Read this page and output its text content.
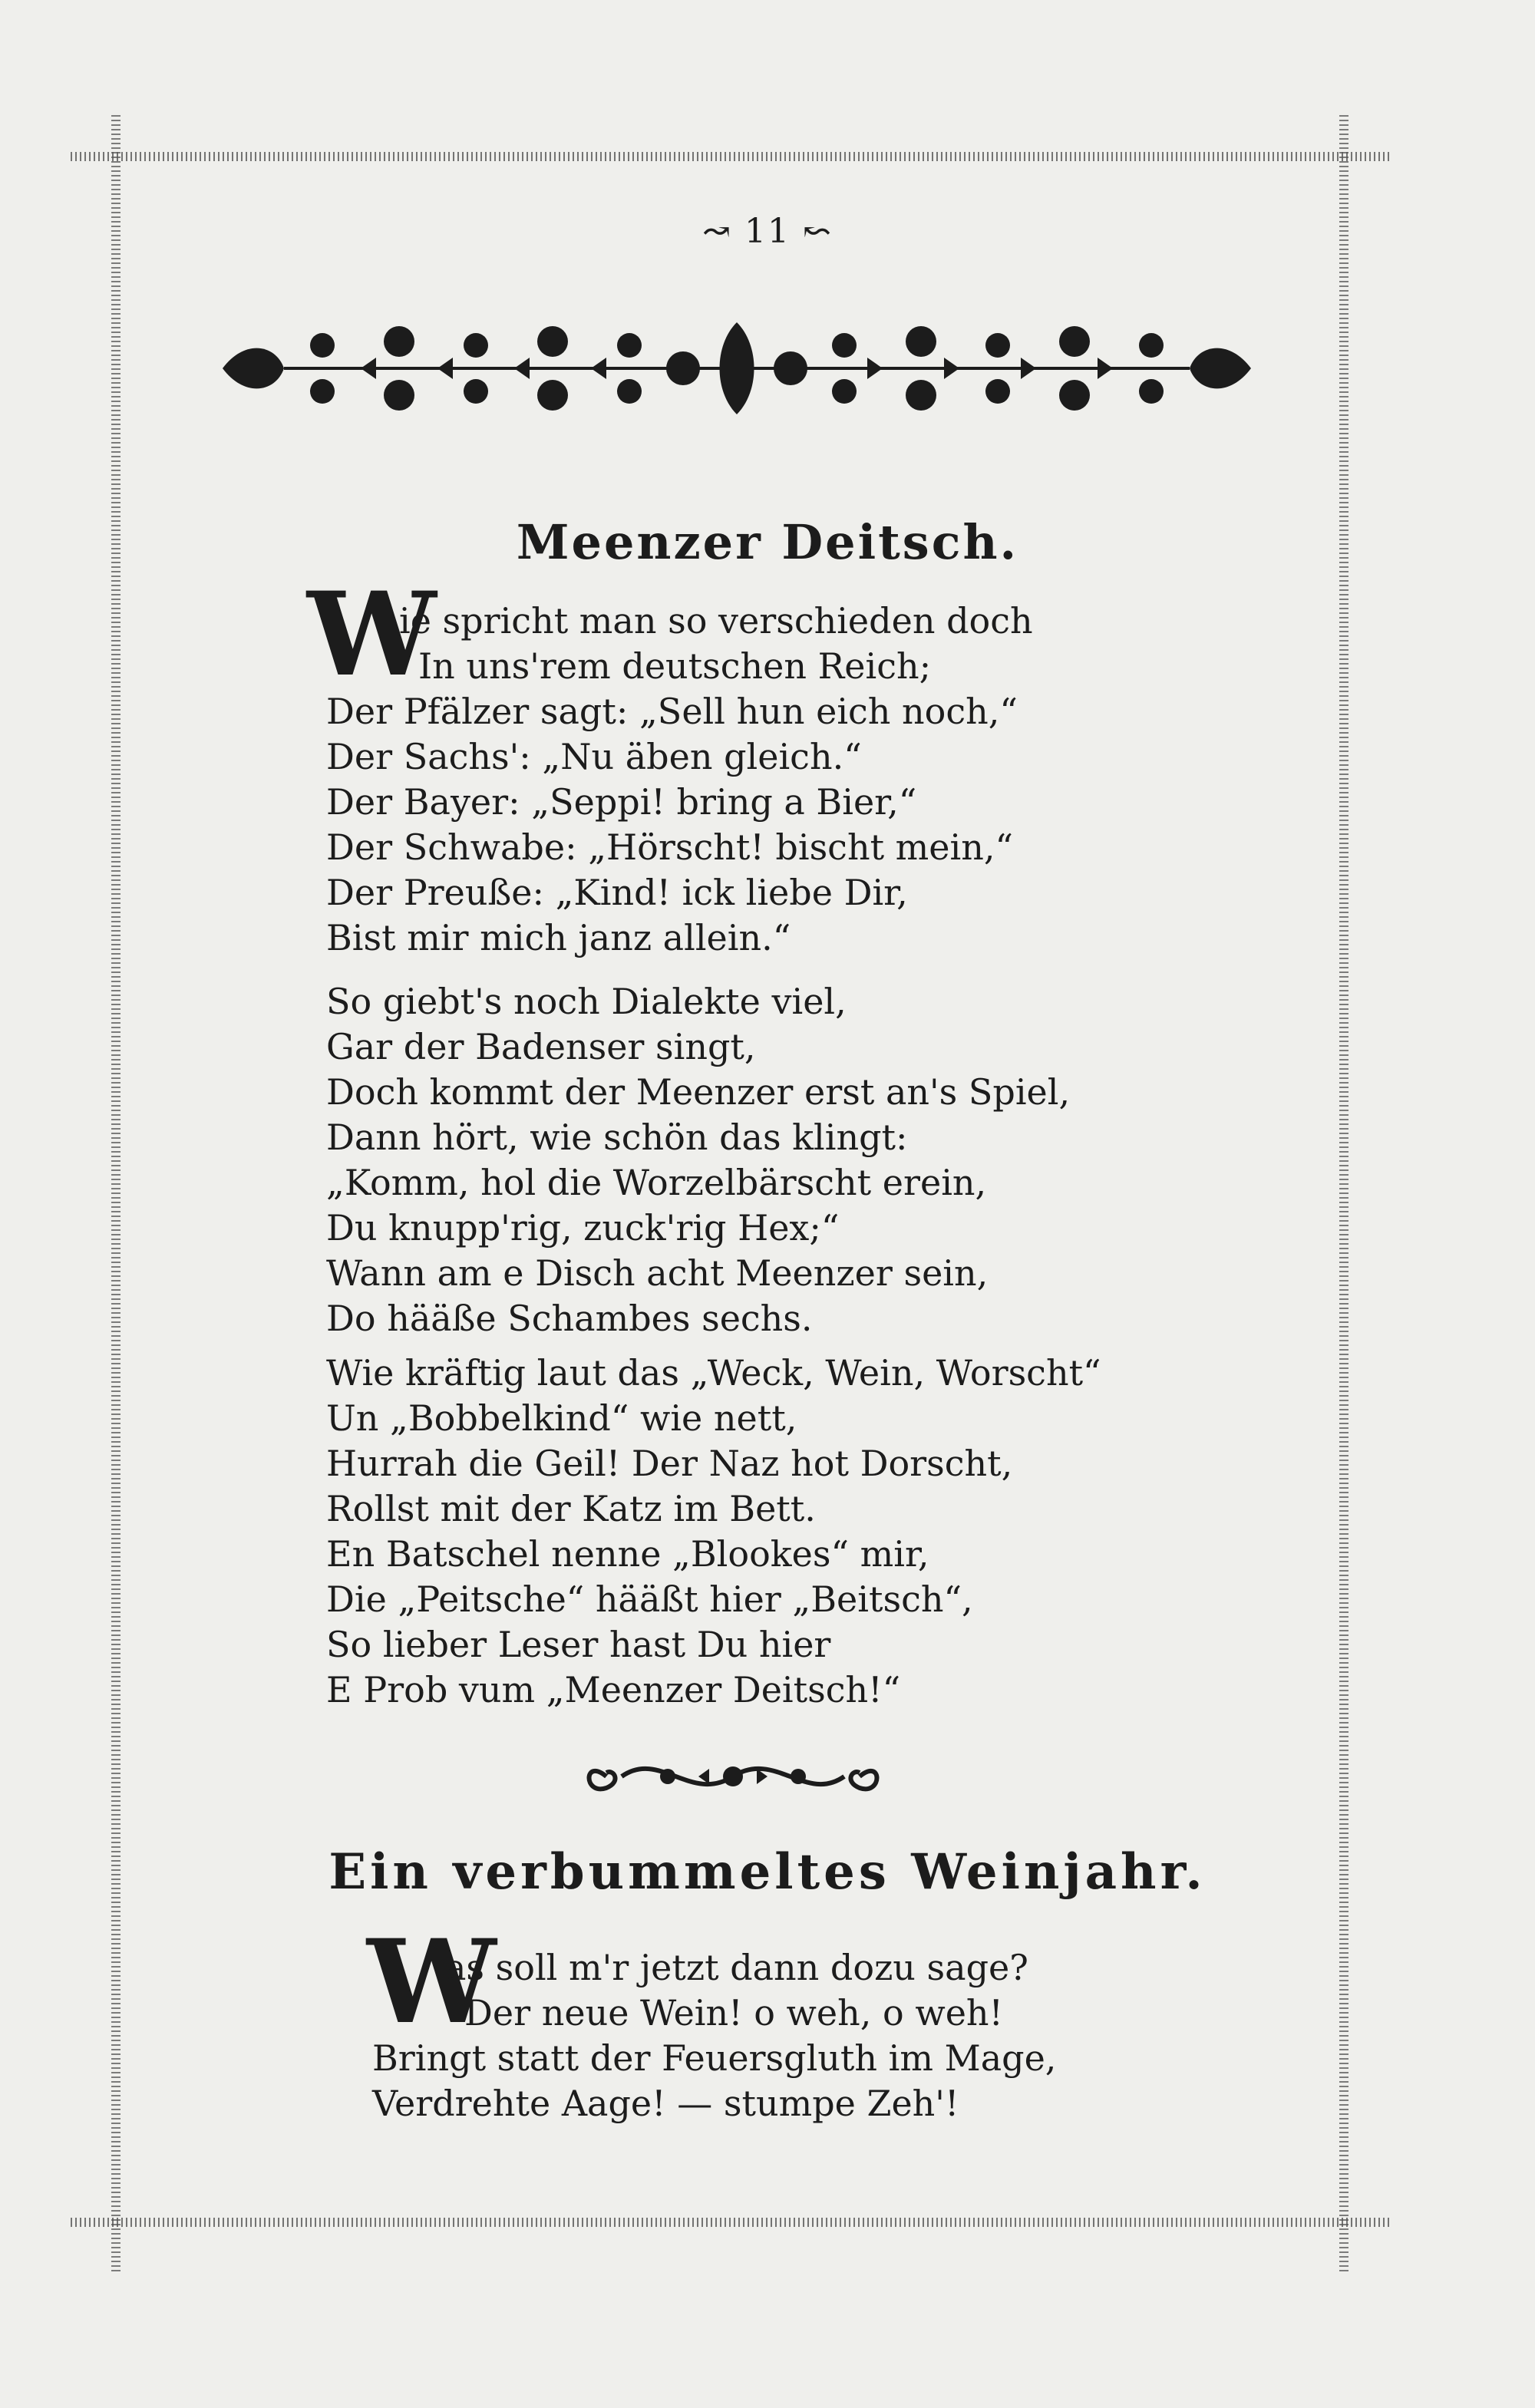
↝ 11 ↜
Meenzer Deitsch.
W
ie spricht man so verschieden doch
In uns'rem deutschen Reich;
Der Pfälzer sagt: „Sell hun eich noch,“
Der Sachs': „Nu äben gleich.“
Der Bayer: „Seppi! bring a Bier,“
Der Schwabe: „Hörscht! bischt mein,“
Der Preuße: „Kind! ick liebe Dir,
Bist mir mich janz allein.“
So giebt's noch Dialekte viel,
Gar der Badenser singt,
Doch kommt der Meenzer erst an's Spiel,
Dann hört, wie schön das klingt:
„Komm, hol die Worzelbärscht erein,
Du knupp'rig, zuck'rig Hex;“
Wann am e Disch acht Meenzer sein,
Do hääße Schambes sechs.
Wie kräftig laut das „Weck, Wein, Worscht“
Un „Bobbelkind“ wie nett,
Hurrah die Geil! Der Naz hot Dorscht,
Rollst mit der Katz im Bett.
En Batschel nenne „Blookes“ mir,
Die „Peitsche“ hääßt hier „Beitsch“,
So lieber Leser hast Du hier
E Prob vum „Meenzer Deitsch!“
Ein verbummeltes Weinjahr.
W
as soll m'r jetzt dann dozu sage?
Der neue Wein! o weh, o weh!
Bringt statt der Feuersgluth im Mage,
Verdrehte Aage! — stumpe Zeh'!
